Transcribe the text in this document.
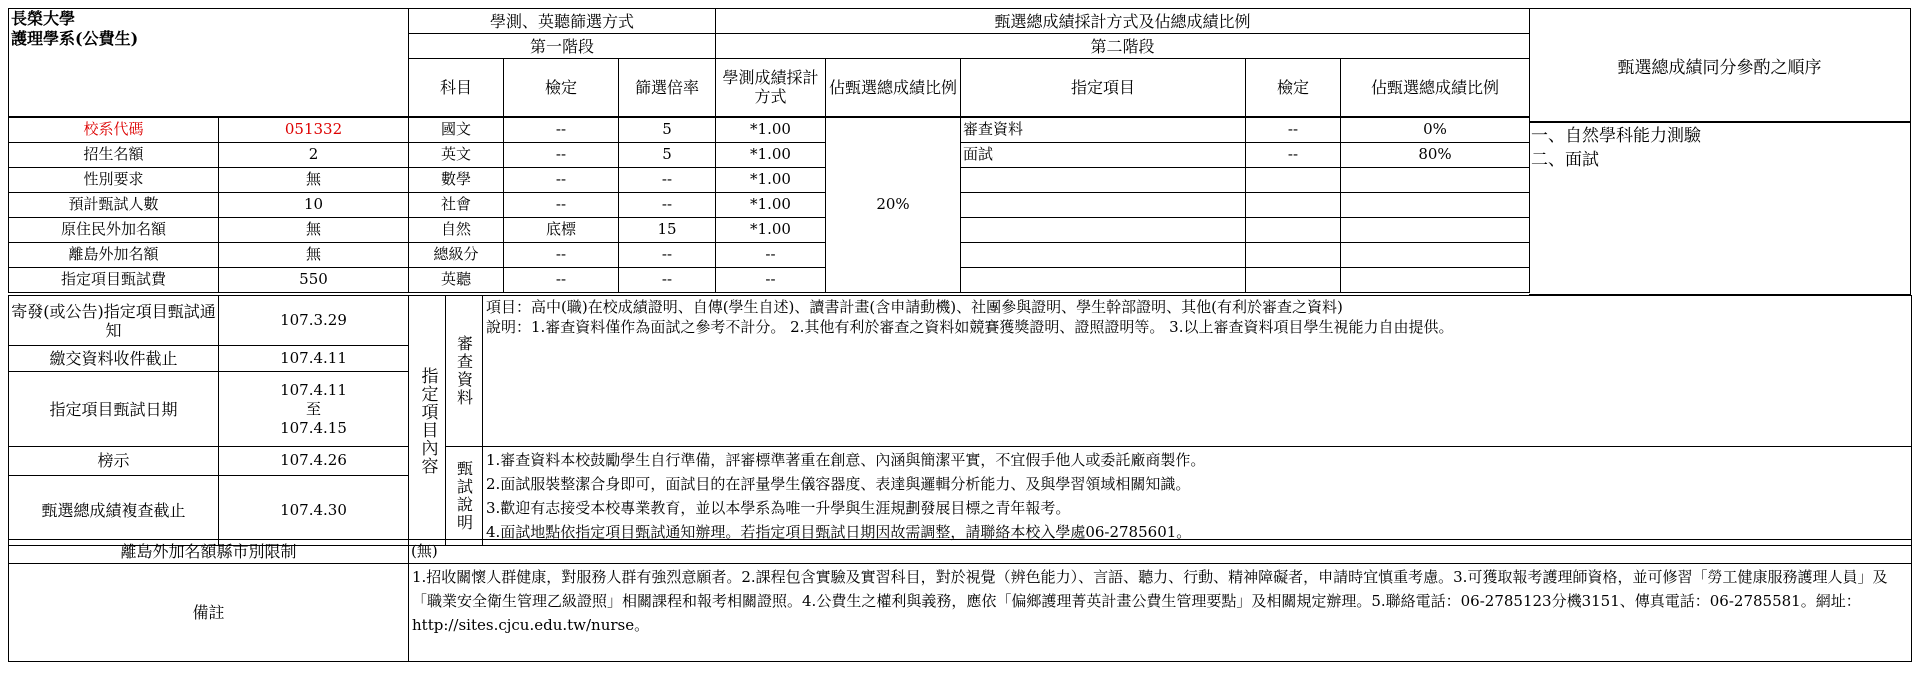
長榮大學
護理學系(公費生)		學測、英聽篩選方式			甄選總成績採計方式及佔總成績比例				
		第一階段			第二階段				
		科目	檢定	篩選倍率	學測成績採計方式	佔甄選總成績比例	指定項目	檢定	佔甄選總成績比例
校系代碼	051332	國文	--	5	*1.00	20%	審查資料	--	0%
招生名額	2	英文	--	5	*1.00		面試	--	80%
性別要求	無	數學	--	--	*1.00				
預計甄試人數	10	社會	--	--	*1.00				
原住民外加名額	無	自然	底標	15	*1.00				
離島外加名額	無	總級分	--	--	--				
指定項目甄試費	550	英聽	--	--	--				
甄選總成績同分參酌之順序
一、自然學科能力測驗
二、面試
寄發(或公告)指定項目甄試通知	107.3.29	指定項目內容	審查資料	項目：高中(職)在校成績證明、自傳(學生自述)、讀書計畫(含申請動機)、社團參與證明、學生幹部證明、其他(有利於審查之資料)
說明：1.審查資料僅作為面試之參考不計分。 2.其他有利於審查之資料如競賽獲獎證明、證照證明等。 3.以上審查資料項目學生視能力自由提供。

繳交資料收件截止	107.4.11			
指定項目甄試日期	107.4.11
至
107.4.15			

榜示	107.4.26		甄試說明	1.審查資料本校鼓勵學生自行準備，評審標準著重在創意、內涵與簡潔平實，不宜假手他人或委託廠商製作。
2.面試服裝整潔合身即可，面試目的在評量學生儀容器度、表達與邏輯分析能力、及與學習領域相關知識。
3.歡迎有志接受本校專業教育，並以本學系為唯一升學與生涯規劃發展目標之青年報考。
4.面試地點依指定項目甄試通知辦理。若指定項目甄試日期因故需調整，請聯絡本校入學處06-2785601。

甄選總成績複查截止	107.4.30			
離島外加名額縣市別限制	(無)
備註	1.招收關懷人群健康，對服務人群有強烈意願者。2.課程包含實驗及實習科目，對於視覺（辨色能力）、言語、聽力、行動、精神障礙者，申請時宜慎重考慮。3.可獲取報考護理師資格，並可修習「勞工健康服務護理人員」及「職業安全衛生管理乙級證照」相關課程和報考相關證照。4.公費生之權利與義務，應依「偏鄉護理菁英計畫公費生管理要點」及相關規定辦理。5.聯絡電話：06-2785123分機3151、傳真電話：06-2785581。網址：http://sites.cjcu.edu.tw/nurse。
